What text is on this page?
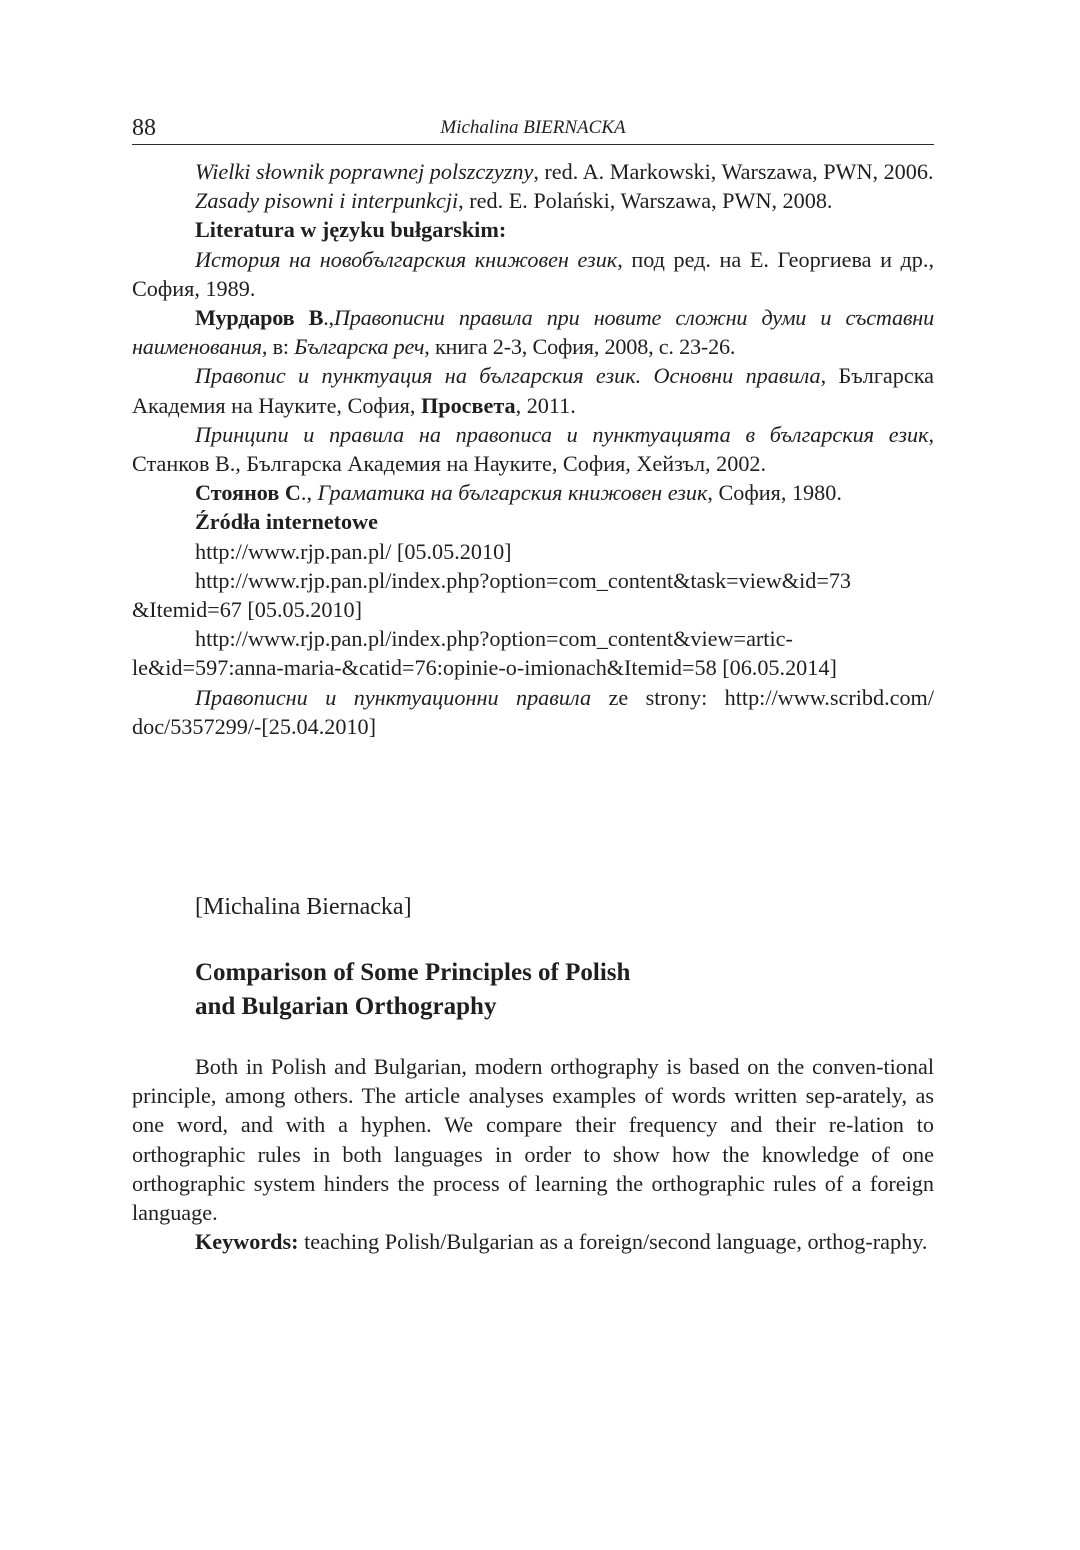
88	Michalina BIERNACKA

Wielki słownik poprawnej polszczyzny, red. A. Markowski, Warszawa, PWN, 2006.

Zasady pisowni i interpunkcji, red. E. Polański, Warszawa, PWN, 2008.

Literatura w języku bułgarskim:

История на новобългарския книжовен език, под ред. на Е. Георгиева и др., София, 1989.

Мурдаров В.,Правописни правила при новите сложни думи и съставни наименования, в: Българска реч, книга 2-3, София, 2008, с. 23-26.

Правопис и пунктуация на българския език. Основни правила, Българска Академия на Науките, София, Просвета, 2011.

Принципи и правила на правописа и пунктуацията в българския език, Станков В., Българска Академия на Науките, София, Хейзъл, 2002.

Стоянов С., Граматика на българския книжовен език, София, 1980.

Źródła internetowe

http://www.rjp.pan.pl/ [05.05.2010]

http://www.rjp.pan.pl/index.php?option=com_content&task=view&id=73 &Itemid=67 [05.05.2010]

http://www.rjp.pan.pl/index.php?option=com_content&view=artic-le&id=597:anna-maria-&catid=76:opinie-o-imionach&Itemid=58 [06.05.2014]

Правописни и пунктуационни правила ze strony: http://www.scribd.com/ doc/5357299/-[25.04.2010]

[Michalina Biernacka]
Comparison of Some Principles of Polish
and Bulgarian Orthography

Both in Polish and Bulgarian, modern orthography is based on the conven-tional principle, among others. The article analyses examples of words written sep-arately, as one word, and with a hyphen. We compare their frequency and their re-lation to orthographic rules in both languages in order to show how the knowledge of one orthographic system hinders the process of learning the orthographic rules of a foreign language.

Keywords: teaching Polish/Bulgarian as a foreign/second language, orthog-raphy.
